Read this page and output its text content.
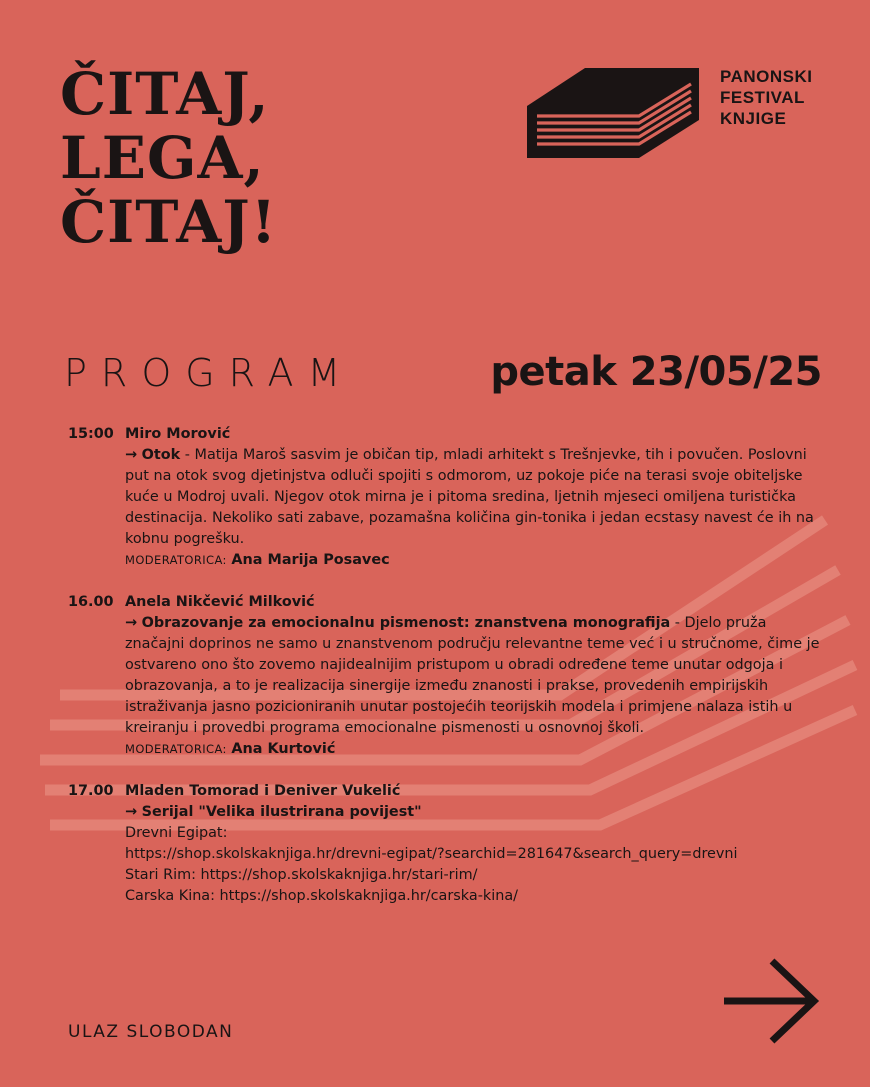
ČITAJ,
LEGA,
ČITAJ!
PANONSKI
FESTIVAL
KNJIGE
PROGRAM	petak 23/05/25
15:00 Miro Morović
→ Otok - Matija Maroš sasvim je običan tip, mladi arhitekt s Trešnjevke, tih i povučen. Poslovni put na otok svog djetinjstva odluči spojiti s odmorom, uz pokoje piće na terasi svoje obiteljske kuće u Modroj uvali. Njegov otok mirna je i pitoma sredina, ljetnih mjeseci omiljena turistička destinacija. Nekoliko sati zabave, pozamašna količina gin-tonika i jedan ecstasy navest će ih na kobnu pogrešku.
MODERATORICA: Ana Marija Posavec
16.00 Anela Nikčević Milković
→ Obrazovanje za emocionalnu pismenost: znanstvena monografija - Djelo pruža značajni doprinos ne samo u znanstvenom području relevantne teme već i u stručnome, čime je ostvareno ono što zovemo najidealnijim pristupom u obradi određene teme unutar odgoja i obrazovanja, a to je realizacija sinergije između znanosti i prakse, provedenih empirijskih istraživanja jasno pozicioniranih unutar postojećih teorijskih modela i primjene nalaza istih u kreiranju i provedbi programa emocionalne pismenosti u osnovnoj školi.
MODERATORICA: Ana Kurtović
17.00 Mladen Tomorad i Deniver Vukelić
→ Serijal "Velika ilustrirana povijest"
Drevni Egipat:
https://shop.skolskaknjiga.hr/drevni-egipat/?searchid=281647&search_query=drevni
Stari Rim: https://shop.skolskaknjiga.hr/stari-rim/
Carska Kina: https://shop.skolskaknjiga.hr/carska-kina/
ULAZ SLOBODAN
